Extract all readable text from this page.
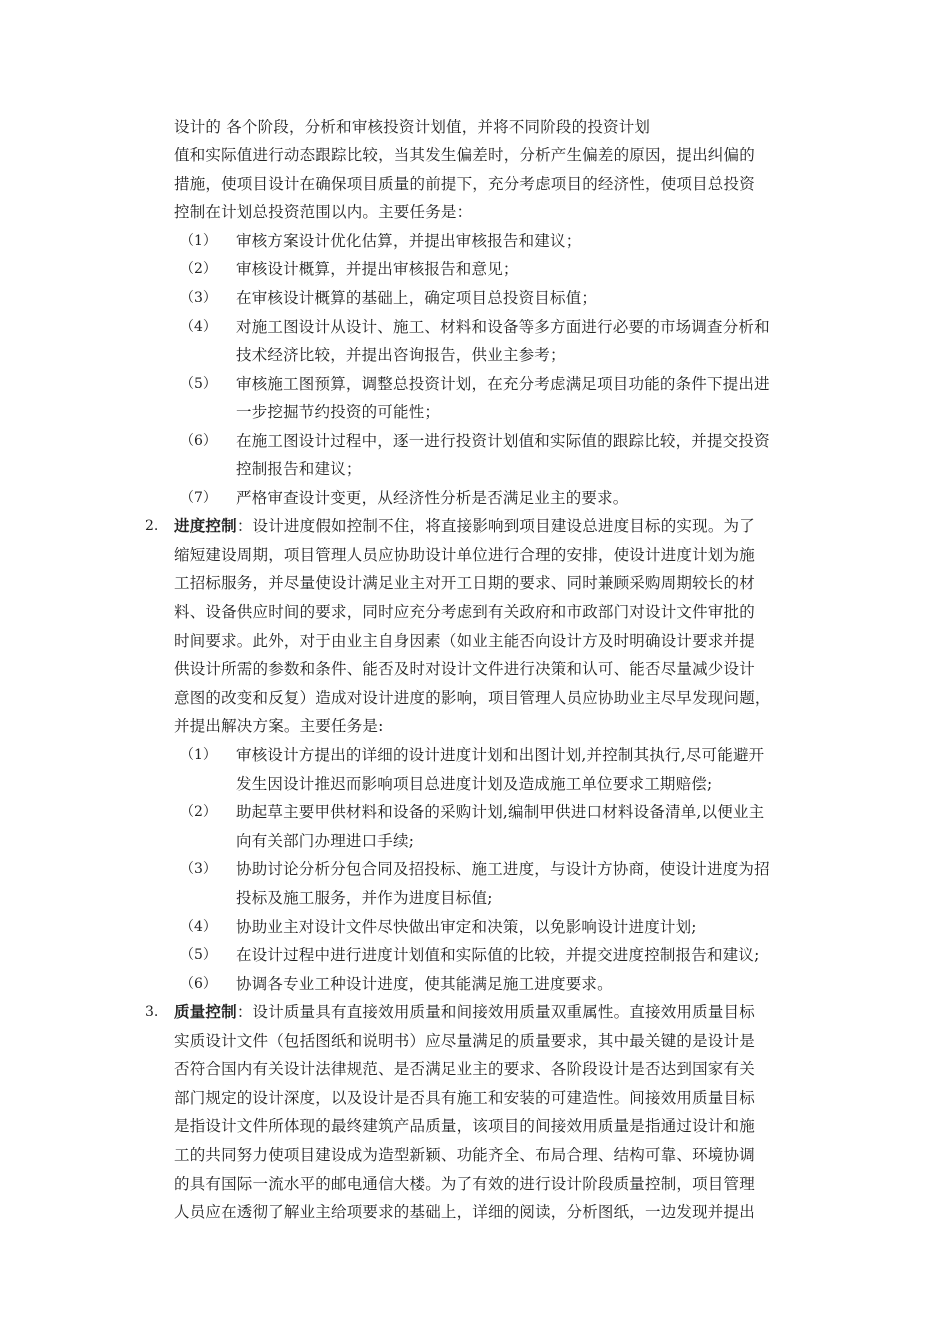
设计的 各个阶段，分析和审核投资计划值，并将不同阶段的投资计划
值和实际值进行动态跟踪比较，当其发生偏差时，分析产生偏差的原因，提出纠偏的
措施，使项目设计在确保项目质量的前提下，充分考虑项目的经济性，使项目总投资
控制在计划总投资范围以内。主要任务是：
（1） 审核方案设计优化估算，并提出审核报告和建议；
（2） 审核设计概算，并提出审核报告和意见；
（3） 在审核设计概算的基础上，确定项目总投资目标值；
（4） 对施工图设计从设计、施工、材料和设备等多方面进行必要的市场调查分析和
技术经济比较，并提出咨询报告，供业主参考；
（5） 审核施工图预算，调整总投资计划，在充分考虑满足项目功能的条件下提出进
一步挖掘节约投资的可能性；
（6） 在施工图设计过程中，逐一进行投资计划值和实际值的跟踪比较，并提交投资
控制报告和建议；
（7） 严格审查设计变更，从经济性分析是否满足业主的要求。
2. 进度控制：设计进度假如控制不住，将直接影响到项目建设总进度目标的实现。为了
缩短建设周期，项目管理人员应协助设计单位进行合理的安排，使设计进度计划为施
工招标服务，并尽量使设计满足业主对开工日期的要求、同时兼顾采购周期较长的材
料、设备供应时间的要求，同时应充分考虑到有关政府和市政部门对设计文件审批的
时间要求。此外，对于由业主自身因素（如业主能否向设计方及时明确设计要求并提
供设计所需的参数和条件、能否及时对设计文件进行决策和认可、能否尽量减少设计
意图的改变和反复）造成对设计进度的影响，项目管理人员应协助业主尽早发现问题，
并提出解决方案。主要任务是:
（1） 审核设计方提出的详细的设计进度计划和出图计划,并控制其执行,尽可能避开
发生因设计推迟而影响项目总进度计划及造成施工单位要求工期赔偿;
（2） 助起草主要甲供材料和设备的采购计划,编制甲供进口材料设备清单,以便业主
向有关部门办理进口手续;
（3） 协助讨论分析分包合同及招投标、施工进度，与设计方协商，使设计进度为招
投标及施工服务，并作为进度目标值;
（4） 协助业主对设计文件尽快做出审定和决策，以免影响设计进度计划;
（5） 在设计过程中进行进度计划值和实际值的比较，并提交进度控制报告和建议;
（6） 协调各专业工种设计进度，使其能满足施工进度要求。
3. 质量控制：设计质量具有直接效用质量和间接效用质量双重属性。直接效用质量目标
实质设计文件（包括图纸和说明书）应尽量满足的质量要求，其中最关键的是设计是
否符合国内有关设计法律规范、是否满足业主的要求、各阶段设计是否达到国家有关
部门规定的设计深度，以及设计是否具有施工和安装的可建造性。间接效用质量目标
是指设计文件所体现的最终建筑产品质量，该项目的间接效用质量是指通过设计和施
工的共同努力使项目建设成为造型新颖、功能齐全、布局合理、结构可靠、环境协调
的具有国际一流水平的邮电通信大楼。为了有效的进行设计阶段质量控制，项目管理
人员应在透彻了解业主给项要求的基础上，详细的阅读，分析图纸，一边发现并提出
